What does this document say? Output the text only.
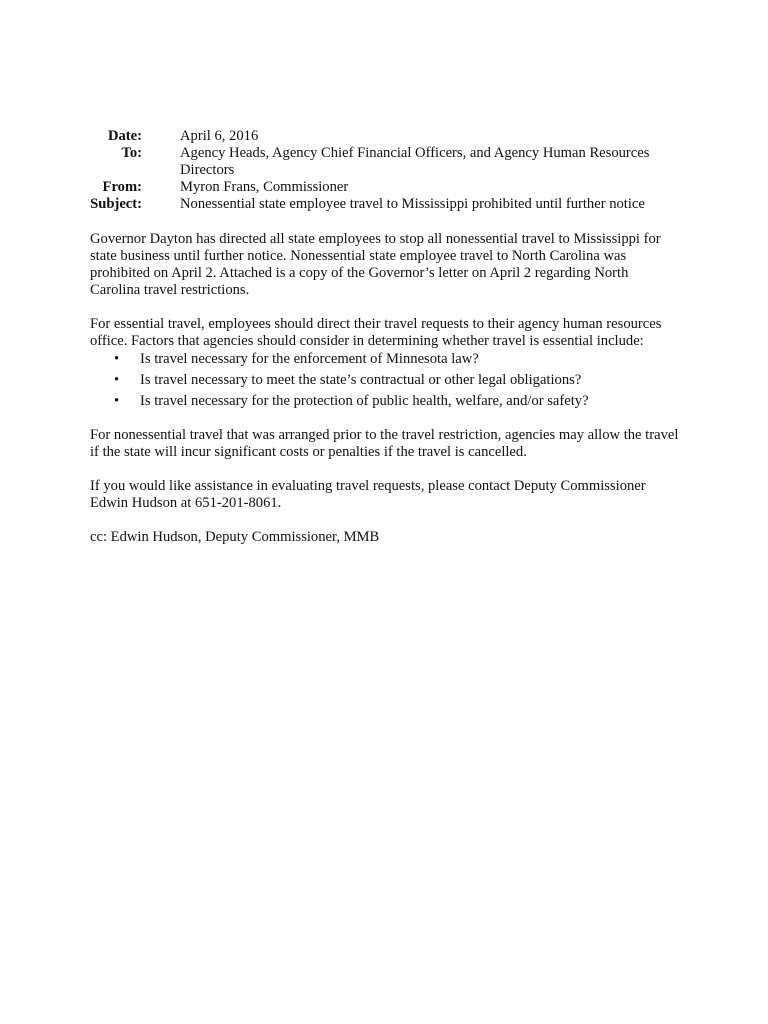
Date:	April 6, 2016
To:	Agency Heads, Agency Chief Financial Officers, and Agency Human Resources Directors
From:	Myron Frans, Commissioner
Subject:	Nonessential state employee travel to Mississippi prohibited until further notice

Governor Dayton has directed all state employees to stop all nonessential travel to Mississippi for state business until further notice. Nonessential state employee travel to North Carolina was prohibited on April 2. Attached is a copy of the Governor’s letter on April 2 regarding North Carolina travel restrictions.

For essential travel, employees should direct their travel requests to their agency human resources office. Factors that agencies should consider in determining whether travel is essential include:

•	Is travel necessary for the enforcement of Minnesota law?
•	Is travel necessary to meet the state’s contractual or other legal obligations?
•	Is travel necessary for the protection of public health, welfare, and/or safety?

For nonessential travel that was arranged prior to the travel restriction, agencies may allow the travel if the state will incur significant costs or penalties if the travel is cancelled.

If you would like assistance in evaluating travel requests, please contact Deputy Commissioner Edwin Hudson at 651-201-8061.

cc: Edwin Hudson, Deputy Commissioner, MMB
